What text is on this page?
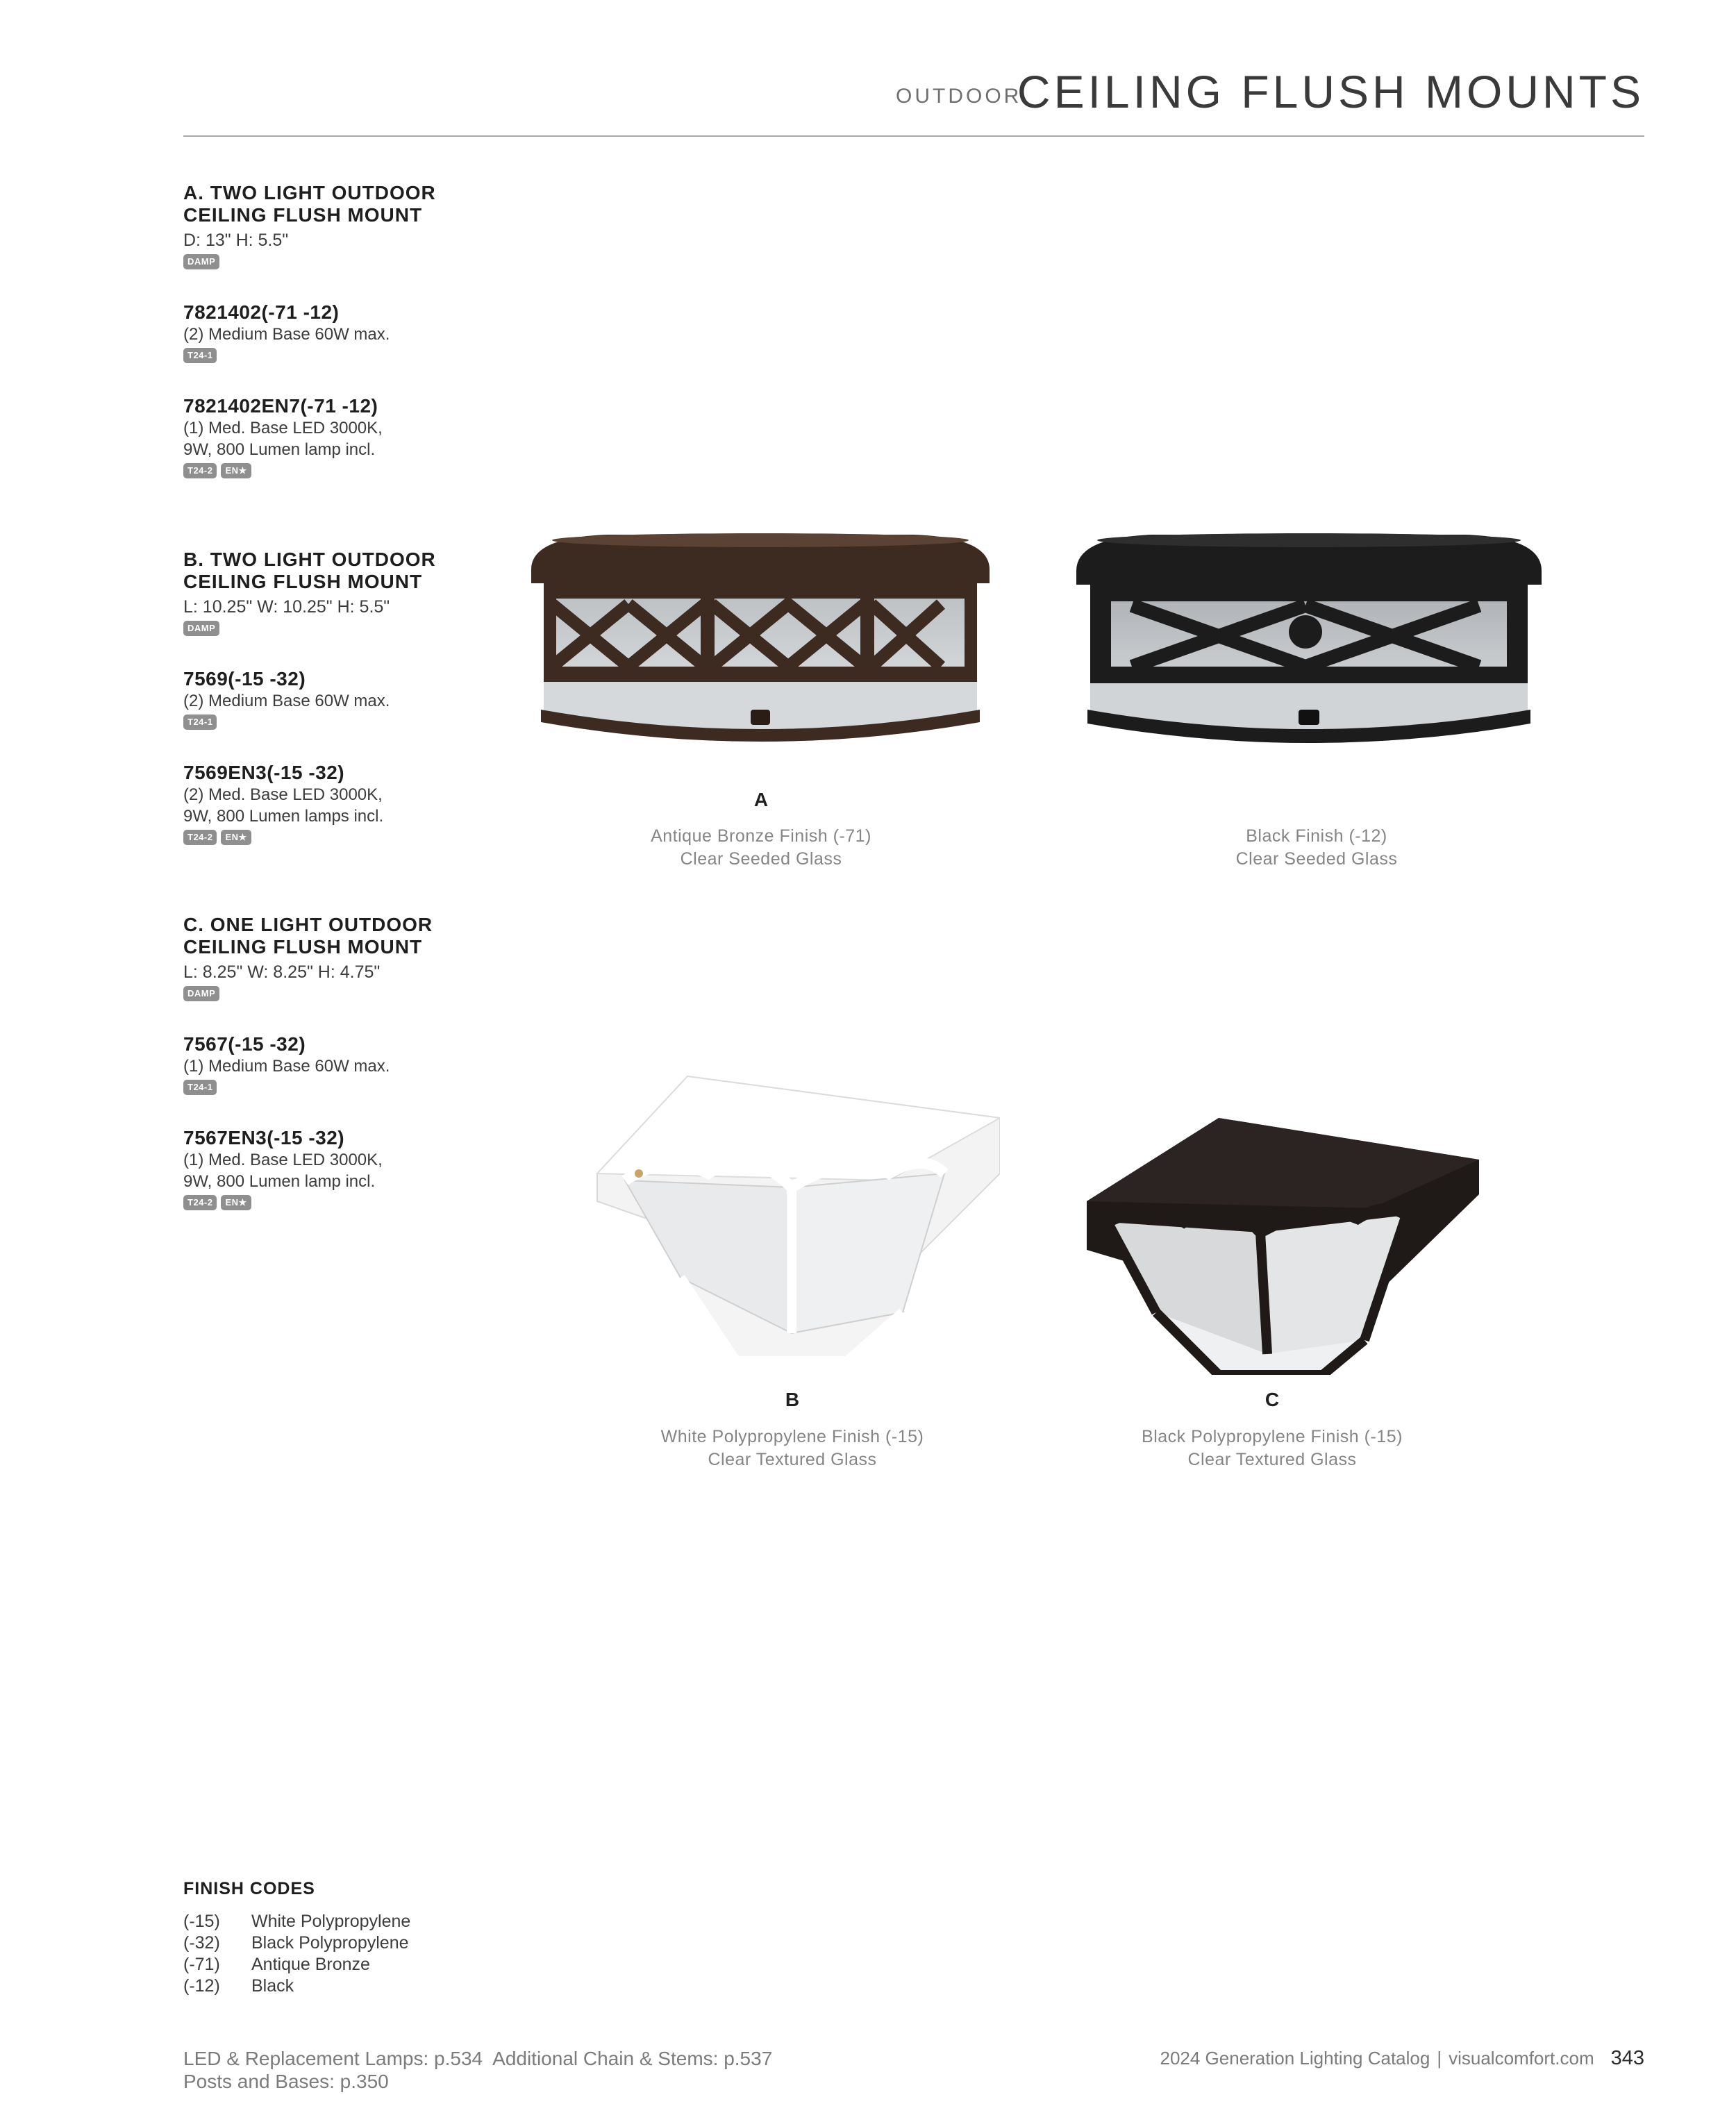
OUTDOOR
CEILING FLUSH MOUNTS
A. TWO LIGHT OUTDOOR
CEILING FLUSH MOUNT
D: 13" H: 5.5"
DAMP
7821402(-71 -12)
(2) Medium Base 60W max.
T24-1
7821402EN7(-71 -12)
(1) Med. Base LED 3000K,
9W, 800 Lumen lamp incl.
T24-2	EN★
B. TWO LIGHT OUTDOOR
CEILING FLUSH MOUNT
L: 10.25" W: 10.25" H: 5.5"
DAMP
7569(-15 -32)
(2) Medium Base 60W max.
T24-1
7569EN3(-15 -32)
(2) Med. Base LED 3000K,
9W, 800 Lumen lamps incl.
T24-2	EN★
C. ONE LIGHT OUTDOOR
CEILING FLUSH MOUNT
L: 8.25" W: 8.25" H: 4.75"
DAMP
7567(-15 -32)
(1) Medium Base 60W max.
T24-1
7567EN3(-15 -32)
(1) Med. Base LED 3000K,
9W, 800 Lumen lamp incl.
T24-2	EN★
A
Antique Bronze Finish (-71)
Clear Seeded Glass
Black Finish (-12)
Clear Seeded Glass
B	C
White Polypropylene Finish (-15)
Clear Textured Glass
Black Polypropylene Finish (-15)
Clear Textured Glass
FINISH CODES
(-15)	White Polypropylene
(-32)	Black Polypropylene
(-71)	Antique Bronze
(-12)	Black
LED & Replacement Lamps: p.534  Additional Chain & Stems: p.537
Posts and Bases: p.350
2024 Generation Lighting Catalog | visualcomfort.com 343
